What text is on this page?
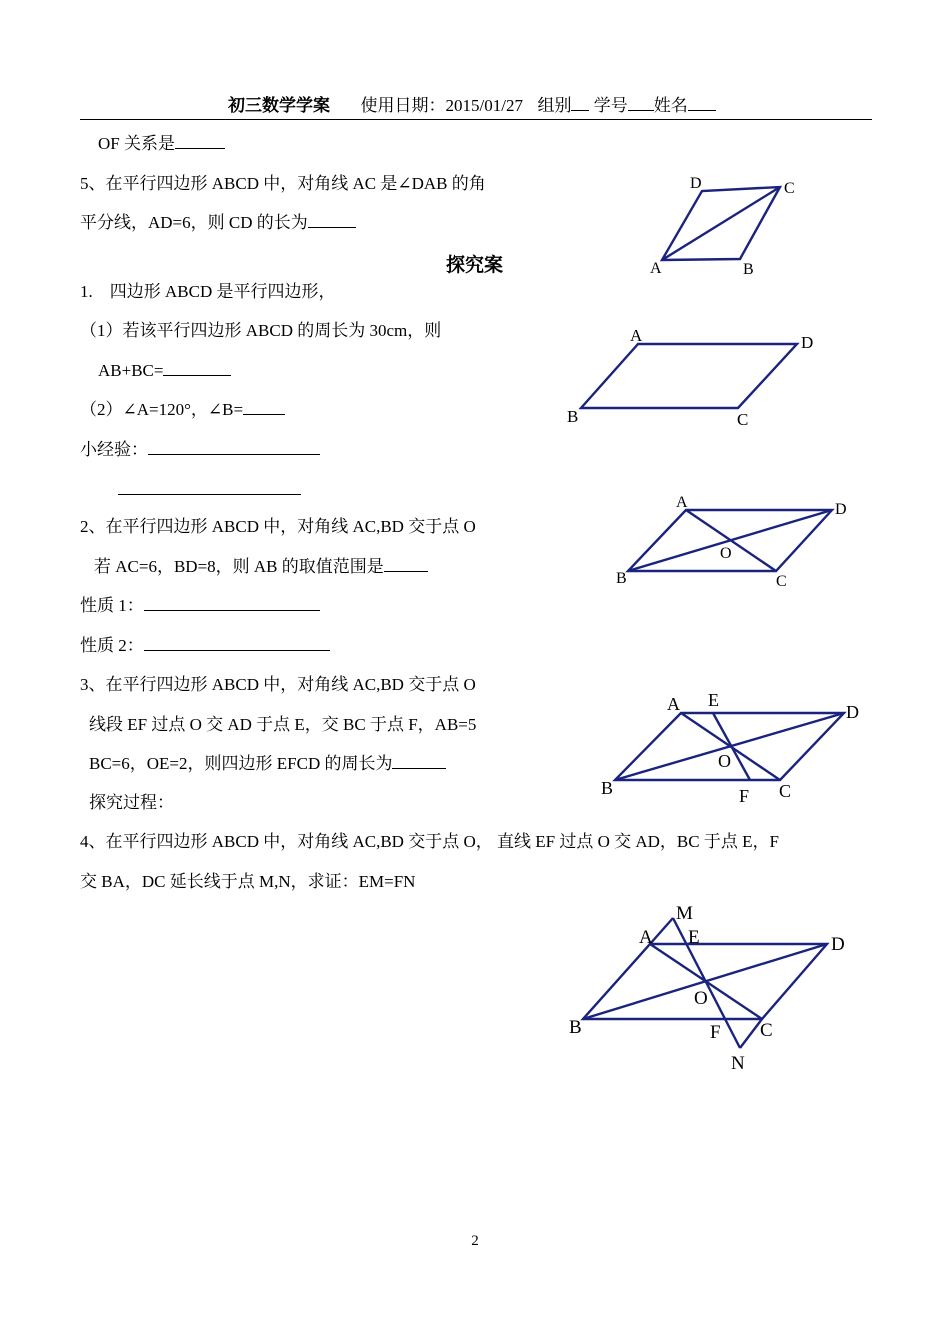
初三数学学案 使用日期：2015/01/27 组别 学号 姓名
OF 关系是
5、在平行四边形 ABCD 中，对角线 AC 是∠DAB 的角
平分线，AD=6，则 CD 的长为
探究案
1.　四边形 ABCD 是平行四边形，
（1）若该平行四边形 ABCD 的周长为 30cm，则
AB+BC=
（2）∠A=120°，∠B=
小经验：
2、在平行四边形 ABCD 中，对角线 AC,BD 交于点 O
若 AC=6，BD=8，则 AB 的取值范围是
性质 1：
性质 2：
3、在平行四边形 ABCD 中，对角线 AC,BD 交于点 O
线段 EF 过点 O 交 AD 于点 E，交 BC 于点 F，AB=5
BC=6，OE=2，则四边形 EFCD 的周长为
探究过程：
4、在平行四边形 ABCD 中，对角线 AC,BD 交于点 O， 直线 EF 过点 O 交 AD，BC 于点 E，F
交 BA，DC 延长线于点 M,N，求证：EM=FN
D	C
A	B
A	D
B	C
A	D
O
B	C
A E
D
O
B	F C
M
A E	D
O
B	F C
N
2
